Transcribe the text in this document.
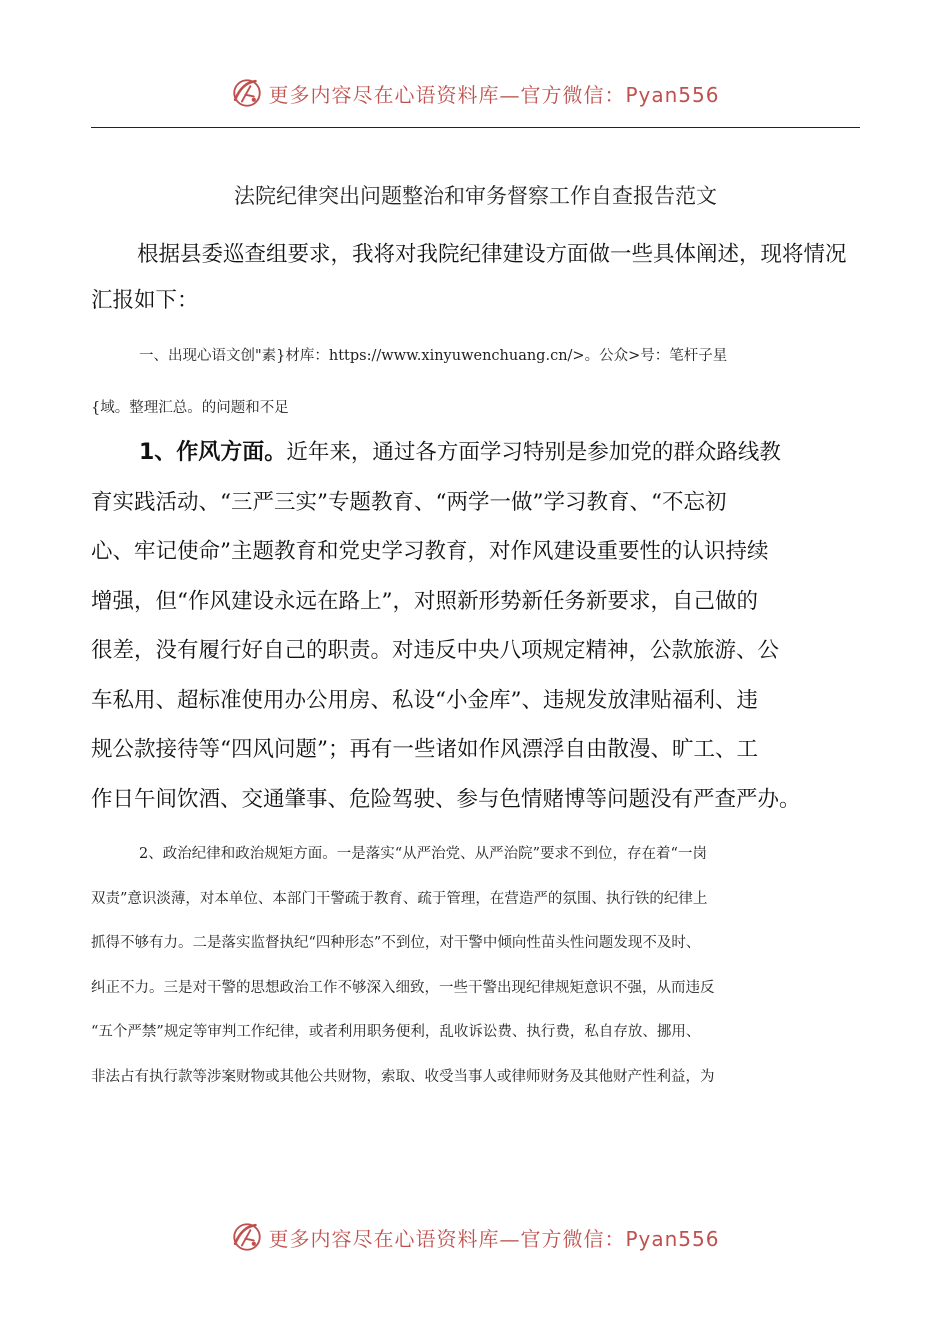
更多内容尽在心语资料库—官方微信：Pyan556
法院纪律突出问题整治和审务督察工作自查报告范文
根据县委巡查组要求，我将对我院纪律建设方面做一些具体阐述，现将情况汇报如下：
一、出现心语文创"素}材库：https://www.xinyuwenchuang.cn/>。公众>号：笔杆子星
{域。整理汇总。的问题和不足
1、作风方面。近年来，通过各方面学习特别是参加党的群众路线教
育实践活动、“三严三实”专题教育、“两学一做”学习教育、“不忘初
心、牢记使命”主题教育和党史学习教育，对作风建设重要性的认识持续
增强，但“作风建设永远在路上”，对照新形势新任务新要求，自己做的
很差，没有履行好自己的职责。对违反中央八项规定精神，公款旅游、公
车私用、超标准使用办公用房、私设“小金库”、违规发放津贴福利、违
规公款接待等“四风问题”；再有一些诸如作风漂浮自由散漫、旷工、工
作日午间饮酒、交通肇事、危险驾驶、参与色情赌博等问题没有严查严办。
2、政治纪律和政治规矩方面。一是落实“从严治党、从严治院”要求不到位，存在着“一岗
双责”意识淡薄，对本单位、本部门干警疏于教育、疏于管理，在营造严的氛围、执行铁的纪律上
抓得不够有力。二是落实监督执纪“四种形态”不到位，对干警中倾向性苗头性问题发现不及时、
纠正不力。三是对干警的思想政治工作不够深入细致，一些干警出现纪律规矩意识不强，从而违反
“五个严禁”规定等审判工作纪律，或者利用职务便利，乱收诉讼费、执行费，私自存放、挪用、
非法占有执行款等涉案财物或其他公共财物，索取、收受当事人或律师财务及其他财产性利益，为
更多内容尽在心语资料库—官方微信：Pyan556
